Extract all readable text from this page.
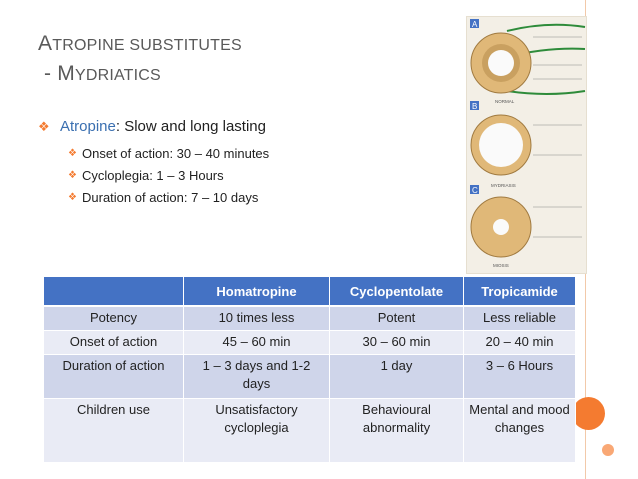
ATROPINE SUBSTITUTES
- MYDRIATICS
❖ Atropine: Slow and long lasting
❖ Onset of action: 30 – 40 minutes
❖ Cycloplegia: 1 – 3 Hours
❖ Duration of action: 7 – 10 days
A
NORMAL
B
MYDRIASIS
C
MIOSIS
	Homatropine	Cyclopentolate	Tropicamide
Potency	10 times less	Potent	Less reliable
Onset of action	45 – 60 min	30 – 60 min	20 – 40 min
Duration of action	1 – 3 days and 1-2 days	1 day	3 – 6 Hours
Children use	Unsatisfactory cycloplegia	Behavioural abnormality	Mental and mood changes
